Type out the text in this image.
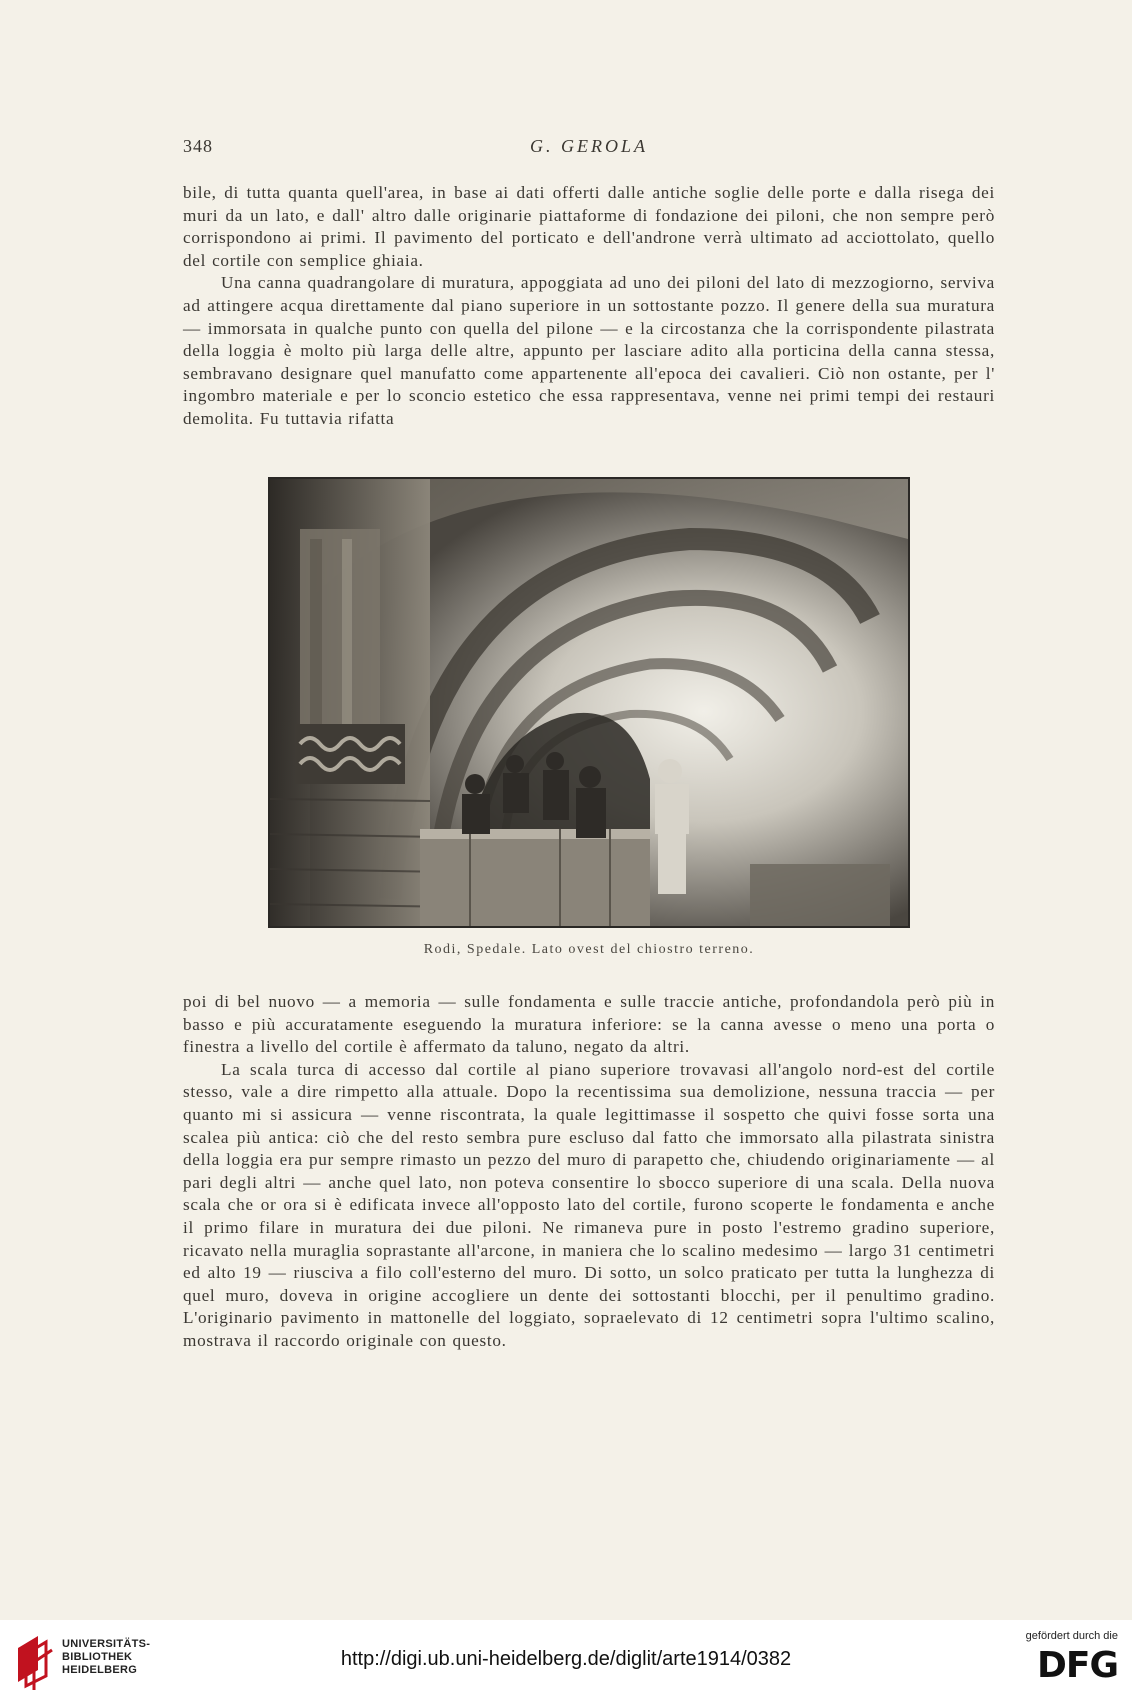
348	G. GEROLA

bile, di tutta quanta quell'area, in base ai dati offerti dalle antiche soglie delle porte e dalla risega dei muri da un lato, e dall' altro dalle originarie piattaforme di fondazione dei piloni, che non sempre però corrispondono ai primi. Il pavimento del porticato e dell'androne verrà ultimato ad acciottolato, quello del cortile con semplice ghiaia.

Una canna quadrangolare di muratura, appoggiata ad uno dei piloni del lato di mezzogiorno, serviva ad attingere acqua direttamente dal piano superiore in un sottostante pozzo. Il genere della sua muratura — immorsata in qualche punto con quella del pilone — e la circostanza che la corrispondente pilastrata della loggia è molto più larga delle altre, appunto per lasciare adito alla porticina della canna stessa, sembravano designare quel manufatto come appartenente all'epoca dei cavalieri. Ciò non ostante, per l' ingombro materiale e per lo sconcio estetico che essa rappresentava, venne nei primi tempi dei restauri demolita. Fu tuttavia rifatta

Rodi, Spedale. Lato ovest del chiostro terreno.

poi di bel nuovo — a memoria — sulle fondamenta e sulle traccie antiche, profondandola però più in basso e più accuratamente eseguendo la muratura inferiore: se la canna avesse o meno una porta o finestra a livello del cortile è affermato da taluno, negato da altri.

La scala turca di accesso dal cortile al piano superiore trovavasi all'angolo nord-est del cortile stesso, vale a dire rimpetto alla attuale. Dopo la recentissima sua demolizione, nessuna traccia — per quanto mi si assicura — venne riscontrata, la quale legittimasse il sospetto che quivi fosse sorta una scalea più antica: ciò che del resto sembra pure escluso dal fatto che immorsato alla pilastrata sinistra della loggia era pur sempre rimasto un pezzo del muro di parapetto che, chiudendo originariamente — al pari degli altri — anche quel lato, non poteva consentire lo sbocco superiore di una scala. Della nuova scala che or ora si è edificata invece all'opposto lato del cortile, furono scoperte le fondamenta e anche il primo filare in muratura dei due piloni. Ne rimaneva pure in posto l'estremo gradino superiore, ricavato nella muraglia soprastante all'arcone, in maniera che lo scalino medesimo — largo 31 centimetri ed alto 19 — riusciva a filo coll'esterno del muro. Di sotto, un solco praticato per tutta la lunghezza di quel muro, doveva in origine accogliere un dente dei sottostanti blocchi, per il penultimo gradino. L'originario pavimento in mattonelle del loggiato, sopraelevato di 12 centimetri sopra l'ultimo scalino, mostrava il raccordo originale con questo.

UNIVERSITÄTS-
BIBLIOTHEK
HEIDELBERG	http://digi.ub.uni-heidelberg.de/diglit/arte1914/0382
gefördert durch die
DFG
